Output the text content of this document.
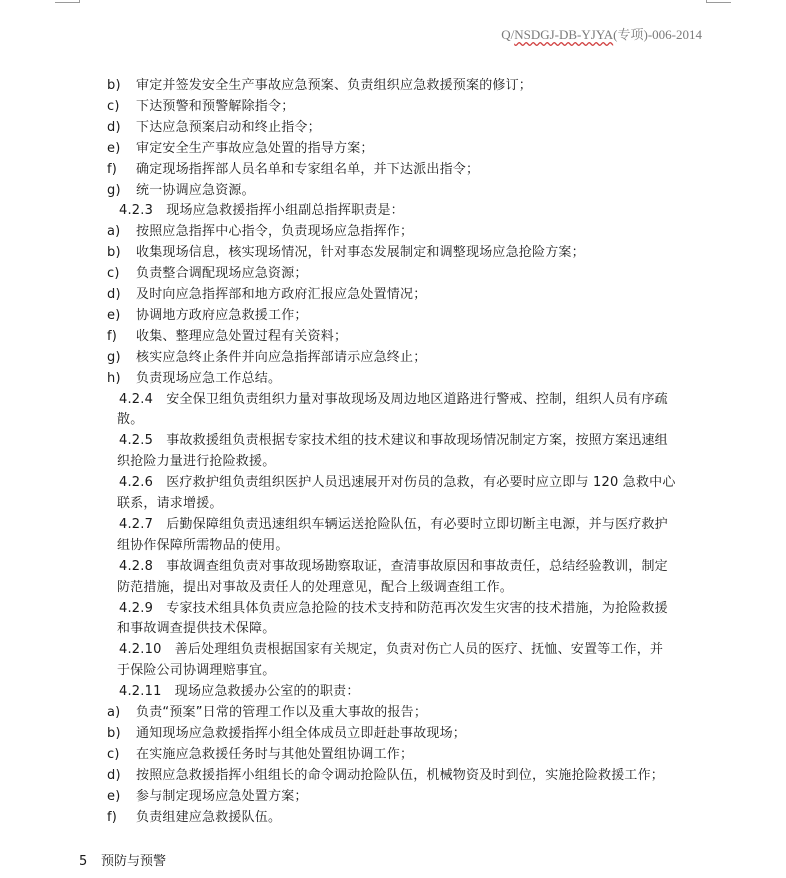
Q/NSDGJ-DB-YJYA(专项)-006-2014
b) 审定并签发安全生产事故应急预案、负责组织应急救援预案的修订；
c) 下达预警和预警解除指令；
d) 下达应急预案启动和终止指令；
e) 审定安全生产事故应急处置的指导方案；
f) 确定现场指挥部人员名单和专家组名单，并下达派出指令；
g) 统一协调应急资源。
4.2.3　现场应急救援指挥小组副总指挥职责是：
a) 按照应急指挥中心指令，负责现场应急指挥作；
b) 收集现场信息，核实现场情况，针对事态发展制定和调整现场应急抢险方案；
c) 负责整合调配现场应急资源；
d) 及时向应急指挥部和地方政府汇报应急处置情况；
e) 协调地方政府应急救援工作；
f) 收集、整理应急处置过程有关资料；
g) 核实应急终止条件并向应急指挥部请示应急终止；
h) 负责现场应急工作总结。
4.2.4　安全保卫组负责组织力量对事故现场及周边地区道路进行警戒、控制，组织人员有序疏
散。
4.2.5　事故救援组负责根据专家技术组的技术建议和事故现场情况制定方案，按照方案迅速组
织抢险力量进行抢险救援。
4.2.6　医疗救护组负责组织医护人员迅速展开对伤员的急救，有必要时应立即与 120 急救中心
联系，请求增援。
4.2.7　后勤保障组负责迅速组织车辆运送抢险队伍，有必要时立即切断主电源，并与医疗救护
组协作保障所需物品的使用。
4.2.8　事故调查组负责对事故现场勘察取证，查清事故原因和事故责任，总结经验教训，制定
防范措施，提出对事故及责任人的处理意见，配合上级调查组工作。
4.2.9　专家技术组具体负责应急抢险的技术支持和防范再次发生灾害的技术措施，为抢险救援
和事故调查提供技术保障。
4.2.10　善后处理组负责根据国家有关规定，负责对伤亡人员的医疗、抚恤、安置等工作，并
于保险公司协调理赔事宜。
4.2.11　现场应急救援办公室的的职责：
a) 负责“预案”日常的管理工作以及重大事故的报告；
b) 通知现场应急救援指挥小组全体成员立即赶赴事故现场；
c) 在实施应急救援任务时与其他处置组协调工作；
d) 按照应急救援指挥小组组长的命令调动抢险队伍，机械物资及时到位，实施抢险救援工作；
e) 参与制定现场应急处置方案；
f) 负责组建应急救援队伍。
5 预防与预警
